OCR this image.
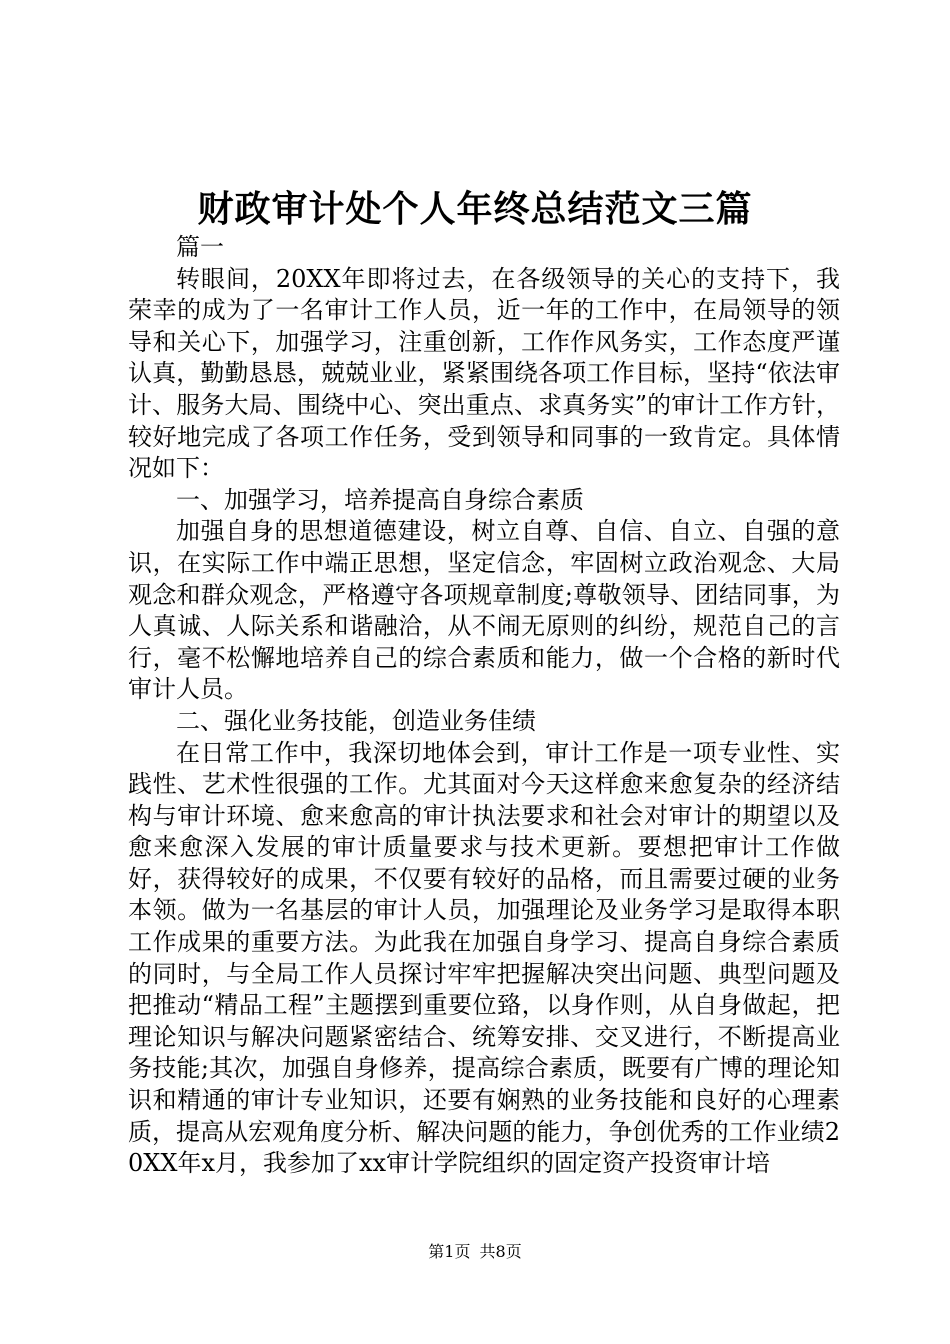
财政审计处个人年终总结范文三篇

篇一

转眼间，20XX年即将过去，在各级领导的关心的支持下，我荣幸的成为了一名审计工作人员，近一年的工作中，在局领导的领导和关心下，加强学习，注重创新，工作作风务实，工作态度严谨认真，勤勤恳恳，兢兢业业，紧紧围绕各项工作目标，坚持“依法审计、服务大局、围绕中心、突出重点、求真务实”的审计工作方针，较好地完成了各项工作任务，受到领导和同事的一致肯定。具体情况如下：

一、加强学习，培养提高自身综合素质

加强自身的思想道德建设，树立自尊、自信、自立、自强的意识，在实际工作中端正思想，坚定信念，牢固树立政治观念、大局观念和群众观念，严格遵守各项规章制度;尊敬领导、团结同事，为人真诚、人际关系和谐融洽，从不闹无原则的纠纷，规范自己的言行，毫不松懈地培养自己的综合素质和能力，做一个合格的新时代审计人员。

二、强化业务技能，创造业务佳绩

在日常工作中，我深切地体会到，审计工作是一项专业性、实践性、艺术性很强的工作。尤其面对今天这样愈来愈复杂的经济结构与审计环境、愈来愈高的审计执法要求和社会对审计的期望以及愈来愈深入发展的审计质量要求与技术更新。要想把审计工作做好，获得较好的成果，不仅要有较好的品格，而且需要过硬的业务本领。做为一名基层的审计人员，加强理论及业务学习是取得本职工作成果的重要方法。为此我在加强自身学习、提高自身综合素质的同时，与全局工作人员探讨牢牢把握解决突出问题、典型问题及把推动“精品工程”主题摆到重要位臵，以身作则，从自身做起，把理论知识与解决问题紧密结合、统筹安排、交叉进行，不断提高业务技能;其次，加强自身修养，提高综合素质，既要有广博的理论知识和精通的审计专业知识，还要有娴熟的业务技能和良好的心理素质，提高从宏观角度分析、解决问题的能力，争创优秀的工作业绩20XX年x月，我参加了xx审计学院组织的固定资产投资审计培

第1页 共8页
